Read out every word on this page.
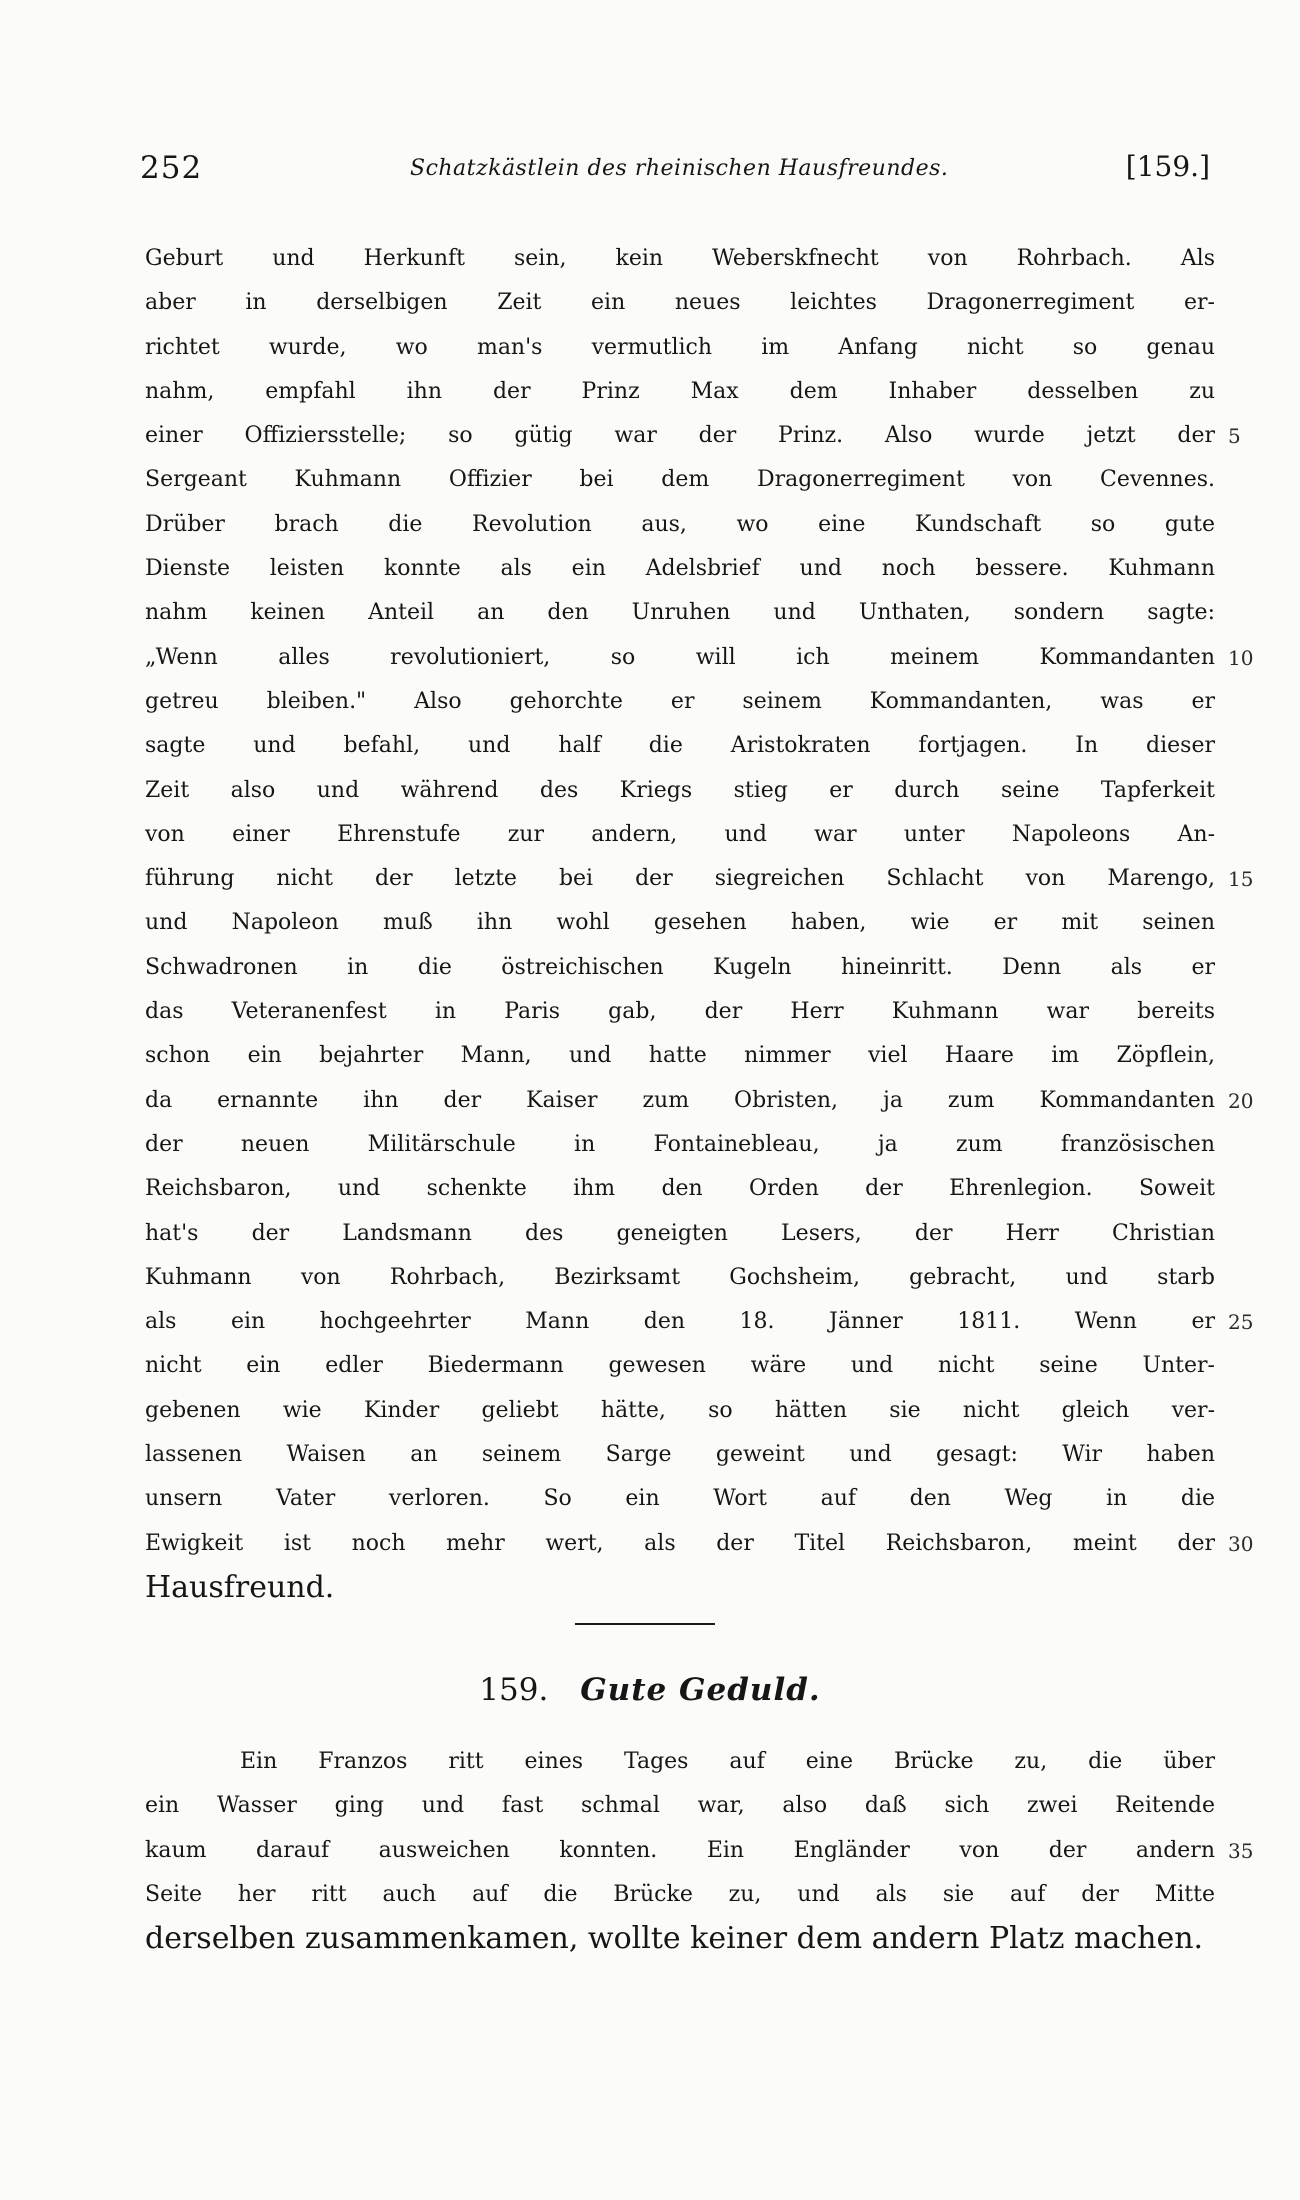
252	Schatzkästlein des rheinischen Hausfreundes.	[159.]
Geburt und Herkunft sein, kein Weberskfnecht von Rohrbach. Als
aber in derselbigen Zeit ein neues leichtes Dragonerregiment er-
richtet wurde, wo man's vermutlich im Anfang nicht so genau
nahm, empfahl ihn der Prinz Max dem Inhaber desselben zu
einer Offiziersstelle; so gütig war der Prinz. Also wurde jetzt der 5
Sergeant Kuhmann Offizier bei dem Dragonerregiment von Cevennes.
Drüber brach die Revolution aus, wo eine Kundschaft so gute
Dienste leisten konnte als ein Adelsbrief und noch bessere. Kuhmann
nahm keinen Anteil an den Unruhen und Unthaten, sondern sagte:
„Wenn alles revolutioniert, so will ich meinem Kommandanten 10
getreu bleiben." Also gehorchte er seinem Kommandanten, was er
sagte und befahl, und half die Aristokraten fortjagen. In dieser
Zeit also und während des Kriegs stieg er durch seine Tapferkeit
von einer Ehrenstufe zur andern, und war unter Napoleons An-
führung nicht der letzte bei der siegreichen Schlacht von Marengo, 15
und Napoleon muß ihn wohl gesehen haben, wie er mit seinen
Schwadronen in die östreichischen Kugeln hineinritt. Denn als er
das Veteranenfest in Paris gab, der Herr Kuhmann war bereits
schon ein bejahrter Mann, und hatte nimmer viel Haare im Zöpflein,
da ernannte ihn der Kaiser zum Obristen, ja zum Kommandanten 20
der neuen Militärschule in Fontainebleau, ja zum französischen
Reichsbaron, und schenkte ihm den Orden der Ehrenlegion. Soweit
hat's der Landsmann des geneigten Lesers, der Herr Christian
Kuhmann von Rohrbach, Bezirksamt Gochsheim, gebracht, und starb
als ein hochgeehrter Mann den 18. Jänner 1811. Wenn er 25
nicht ein edler Biedermann gewesen wäre und nicht seine Unter-
gebenen wie Kinder geliebt hätte, so hätten sie nicht gleich ver-
lassenen Waisen an seinem Sarge geweint und gesagt: Wir haben
unsern Vater verloren. So ein Wort auf den Weg in die
Ewigkeit ist noch mehr wert, als der Titel Reichsbaron, meint der 30
Hausfreund.
159. Gute Geduld.
Ein Franzos ritt eines Tages auf eine Brücke zu, die über
ein Wasser ging und fast schmal war, also daß sich zwei Reitende
kaum darauf ausweichen konnten. Ein Engländer von der andern 35
Seite her ritt auch auf die Brücke zu, und als sie auf der Mitte
derselben zusammenkamen, wollte keiner dem andern Platz machen.
